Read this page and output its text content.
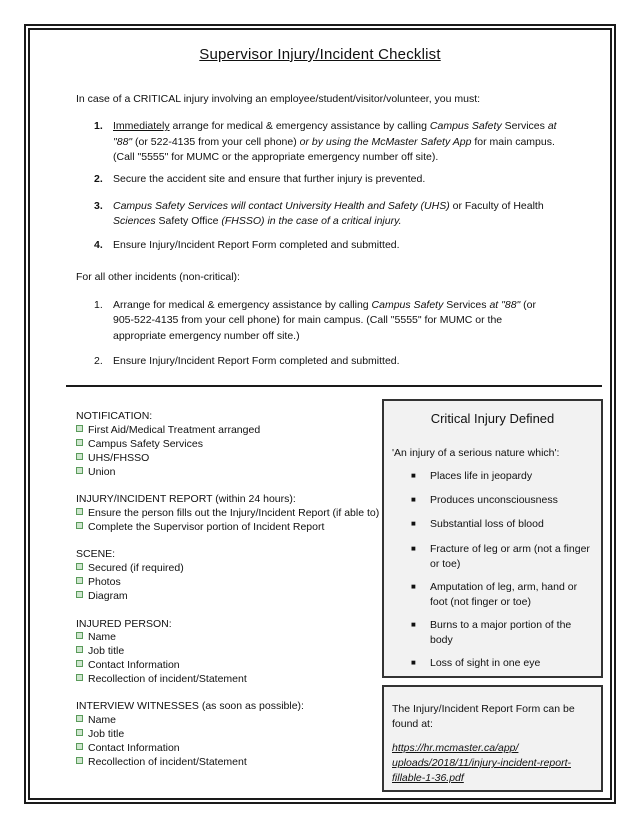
Supervisor Injury/Incident Checklist
In case of a CRITICAL injury involving an employee/student/visitor/volunteer, you must:
1. Immediately arrange for medical & emergency assistance by calling Campus Safety Services at
"88" (or 522-4135 from your cell phone) or by using the McMaster Safety App for main campus.
(Call "5555" for MUMC or the appropriate emergency number off site).
2. Secure the accident site and ensure that further injury is prevented.
3. Campus Safety Services will contact University Health and Safety (UHS) or Faculty of Health
Sciences Safety Office (FHSSO) in the case of a critical injury.
4. Ensure Injury/Incident Report Form completed and submitted.
For all other incidents (non-critical):
1. Arrange for medical & emergency assistance by calling Campus Safety Services at "88" (or
905-522-4135 from your cell phone) for main campus. (Call "5555" for MUMC or the
appropriate emergency number off site.)
2. Ensure Injury/Incident Report Form completed and submitted.
NOTIFICATION:
First Aid/Medical Treatment arranged
Campus Safety Services
UHS/FHSSO
Union
INJURY/INCIDENT REPORT (within 24 hours):
Ensure the person fills out the Injury/Incident Report (if able to)
Complete the Supervisor portion of Incident Report
SCENE:
Secured (if required)
Photos
Diagram
INJURED PERSON:
Name
Job title
Contact Information
Recollection of incident/Statement
INTERVIEW WITNESSES (as soon as possible):
Name
Job title
Contact Information
Recollection of incident/Statement
Critical Injury Defined
'An injury of a serious nature which':
■ Places life in jeopardy
■ Produces unconsciousness
■ Substantial loss of blood
■ Fracture of leg or arm (not a finger
or toe)
■ Amputation of leg, arm, hand or
foot (not finger or toe)
■ Burns to a major portion of the
body
■ Loss of sight in one eye
The Injury/Incident Report Form can be
found at:
https://hr.mcmaster.ca/app/
uploads/2018/11/injury-incident-report-
fillable-1-36.pdf
